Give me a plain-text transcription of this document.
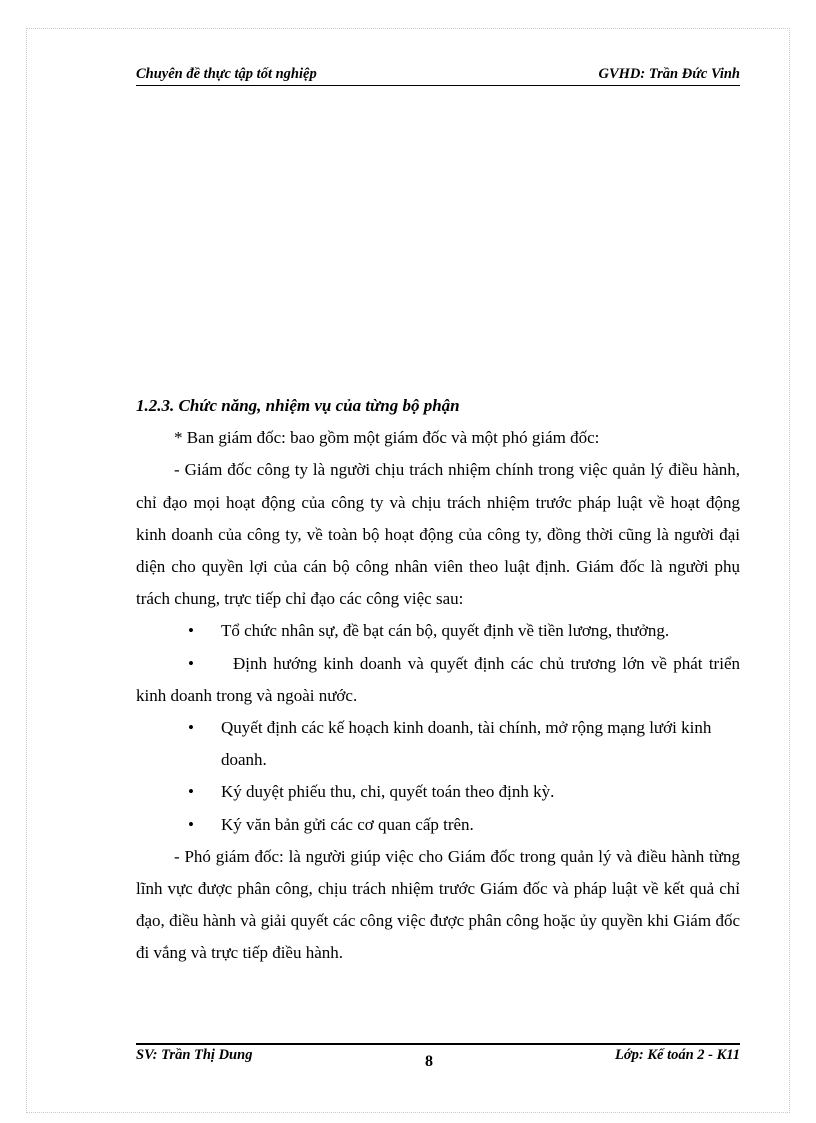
Chuyên đề thực tập tốt nghiệp	GVHD: Trần Đức Vinh

1.2.3. Chức năng, nhiệm vụ của từng bộ phận

* Ban giám đốc: bao gồm một giám đốc và một phó giám đốc:

- Giám đốc công ty là người chịu trách nhiệm chính trong việc quản lý điều hành, chỉ đạo mọi hoạt động của công ty và chịu trách nhiệm trước pháp luật về hoạt động kinh doanh của công ty, về toàn bộ hoạt động của công ty, đồng thời cũng là người đại diện cho quyền lợi của cán bộ công nhân viên theo luật định. Giám đốc là người phụ trách chung, trực tiếp chỉ đạo các công việc sau:

• Tổ chức nhân sự, đề bạt cán bộ, quyết định về tiền lương, thưởng.

• Định hướng kinh doanh và quyết định các chủ trương lớn về phát triển kinh doanh trong và ngoài nước.

• Quyết định các kế hoạch kinh doanh, tài chính, mở rộng mạng lưới kinh doanh.

• Ký duyệt phiếu thu, chi, quyết toán theo định kỳ.

• Ký văn bản gửi các cơ quan cấp trên.

- Phó giám đốc: là người giúp việc cho Giám đốc trong quản lý và điều hành từng lĩnh vực được phân công, chịu trách nhiệm trước Giám đốc và pháp luật về kết quả chỉ đạo, điều hành và giải quyết các công việc được phân công hoặc ủy quyền khi Giám đốc đi vắng và trực tiếp điều hành.

SV: Trần Thị Dung	8	Lớp: Kế toán 2 - K11
